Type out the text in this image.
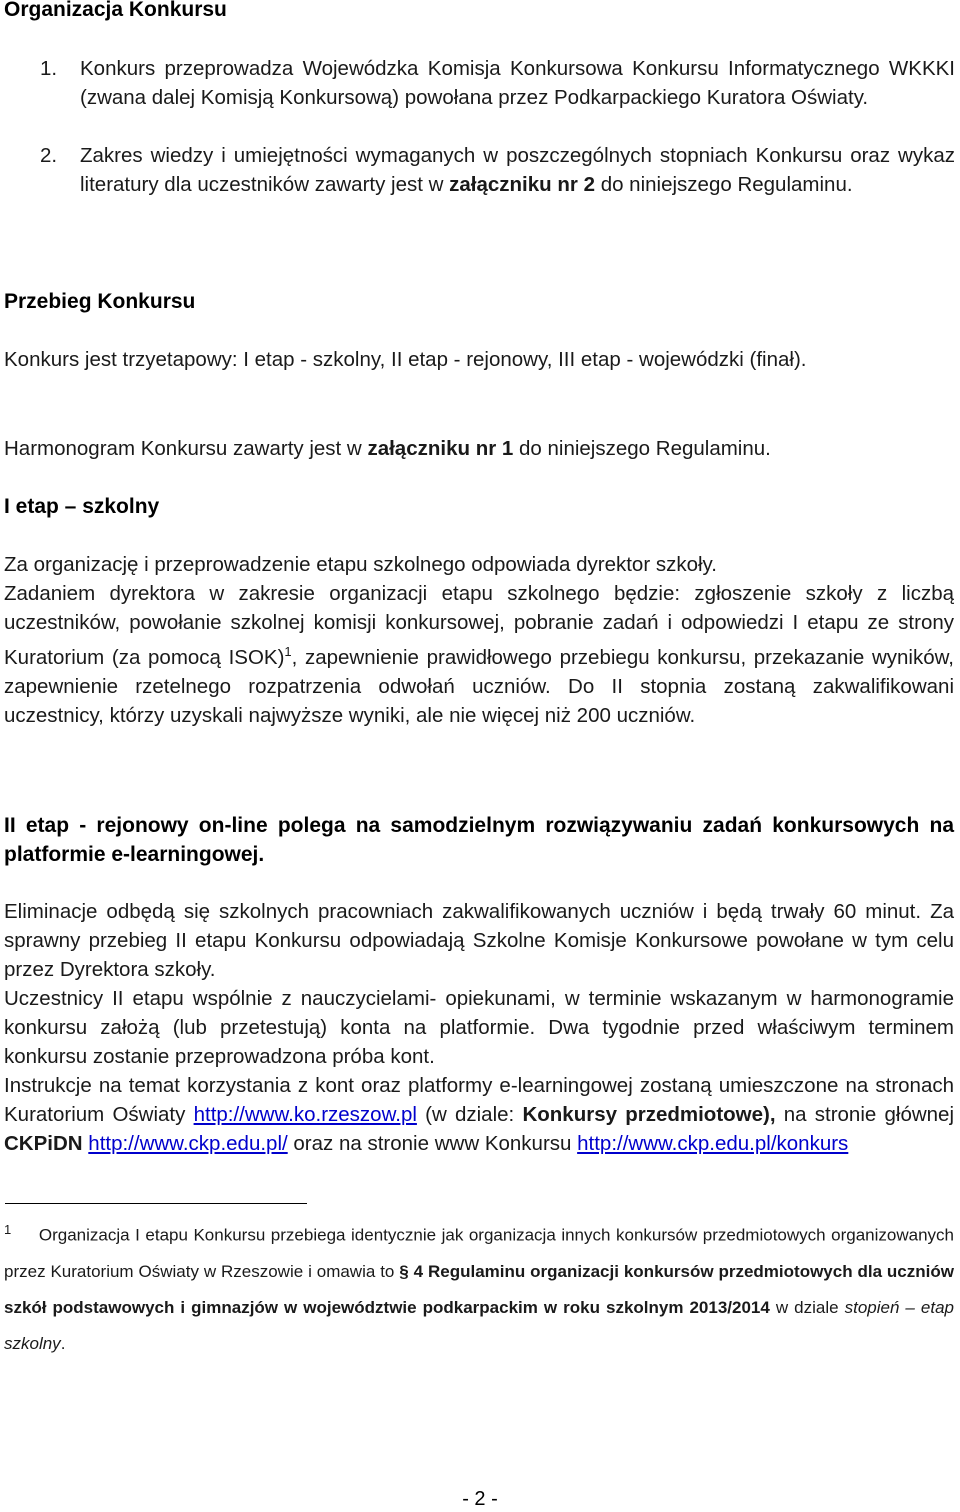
Organizacja Konkursu
1. Konkurs przeprowadza Wojewódzka Komisja Konkursowa Konkursu Informatycznego WKKKI (zwana dalej Komisją Konkursową) powołana przez Podkarpackiego Kuratora Oświaty.

2. Zakres wiedzy i umiejętności wymaganych w poszczególnych stopniach Konkursu oraz wykaz literatury dla uczestników zawarty jest w załączniku nr 2 do niniejszego Regulaminu.

Przebieg Konkursu

Konkurs jest trzyetapowy: I etap - szkolny, II etap - rejonowy, III etap - wojewódzki (finał).

Harmonogram Konkursu zawarty jest w załączniku nr 1 do niniejszego Regulaminu.

I etap – szkolny

Za organizację i przeprowadzenie etapu szkolnego odpowiada dyrektor szkoły.

Zadaniem dyrektora w zakresie organizacji etapu szkolnego będzie: zgłoszenie szkoły z liczbą uczestników, powołanie szkolnej komisji konkursowej, pobranie zadań i odpowiedzi I etapu ze strony Kuratorium (za pomocą ISOK)$^1$, zapewnienie prawidłowego przebiegu konkursu, przekazanie wyników, zapewnienie rzetelnego rozpatrzenia odwołań uczniów. Do II stopnia zostaną zakwalifikowani uczestnicy, którzy uzyskali najwyższe wyniki, ale nie więcej niż 200 uczniów.

II etap - rejonowy on-line polega na samodzielnym rozwiązywaniu zadań konkursowych na platformie e-learningowej.

Eliminacje odbędą się szkolnych pracowniach zakwalifikowanych uczniów i będą trwały 60 minut. Za sprawny przebieg II etapu Konkursu odpowiadają Szkolne Komisje Konkursowe powołane w tym celu przez Dyrektora szkoły.

Uczestnicy II etapu wspólnie z nauczycielami- opiekunami, w terminie wskazanym w harmonogramie konkursu założą (lub przetestują) konta na platformie. Dwa tygodnie przed właściwym terminem konkursu zostanie przeprowadzona próba kont.

Instrukcje na temat korzystania z kont oraz platformy e-learningowej zostaną umieszczone na stronach Kuratorium Oświaty http://www.ko.rzeszow.pl (w dziale: Konkursy przedmiotowe), na stronie głównej CKPiDN http://www.ckp.edu.pl/ oraz na stronie www Konkursu http://www.ckp.edu.pl/konkurs

$^1$ Organizacja I etapu Konkursu przebiega identycznie jak organizacja innych konkursów przedmiotowych organizowanych przez Kuratorium Oświaty w Rzeszowie i omawia to § 4 Regulaminu organizacji konkursów przedmiotowych dla uczniów szkół podstawowych i gimnazjów w województwie podkarpackim w roku szkolnym 2013/2014 w dziale stopień – etap szkolny.

- 2 -
